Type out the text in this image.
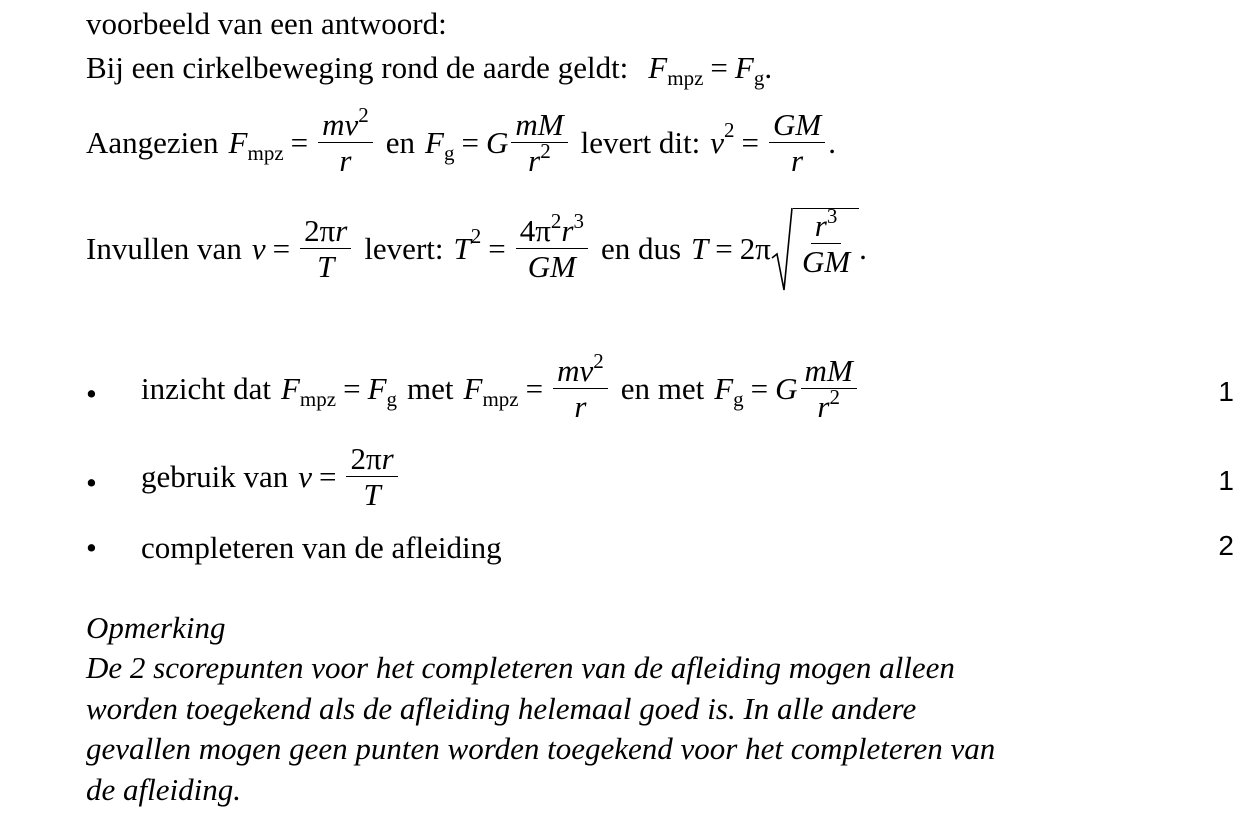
voorbeeld van een antwoord:
Bij een cirkelbeweging rond de aarde geldt: F mpz = F g .
Aangezien F mpz = $\frac{mv^2}{r}$ en F g = G $\frac{mM}{r^2}$ levert dit: v $2 = \frac{GM}{r}$ .
Invullen van $v = \frac{2\pi r}{T}$ levert: T $2 = \frac{4\pi^2r^3}{GM}$ en dus T = 2 π $\frac{r^3}{GM}$ .
• inzicht dat F mpz = F g met F mpz = $\frac{mv^2}{r}$ en met F g = G $\frac{mM}{r^2}$	1
• gebruik van $v = \frac{2\pi r}{T}$	1
• completeren van de afleiding	2
Opmerking
De 2 scorepunten voor het completeren van de afleiding mogen alleen
worden toegekend als de afleiding helemaal goed is. In alle andere
gevallen mogen geen punten worden toegekend voor het completeren van
de afleiding.
